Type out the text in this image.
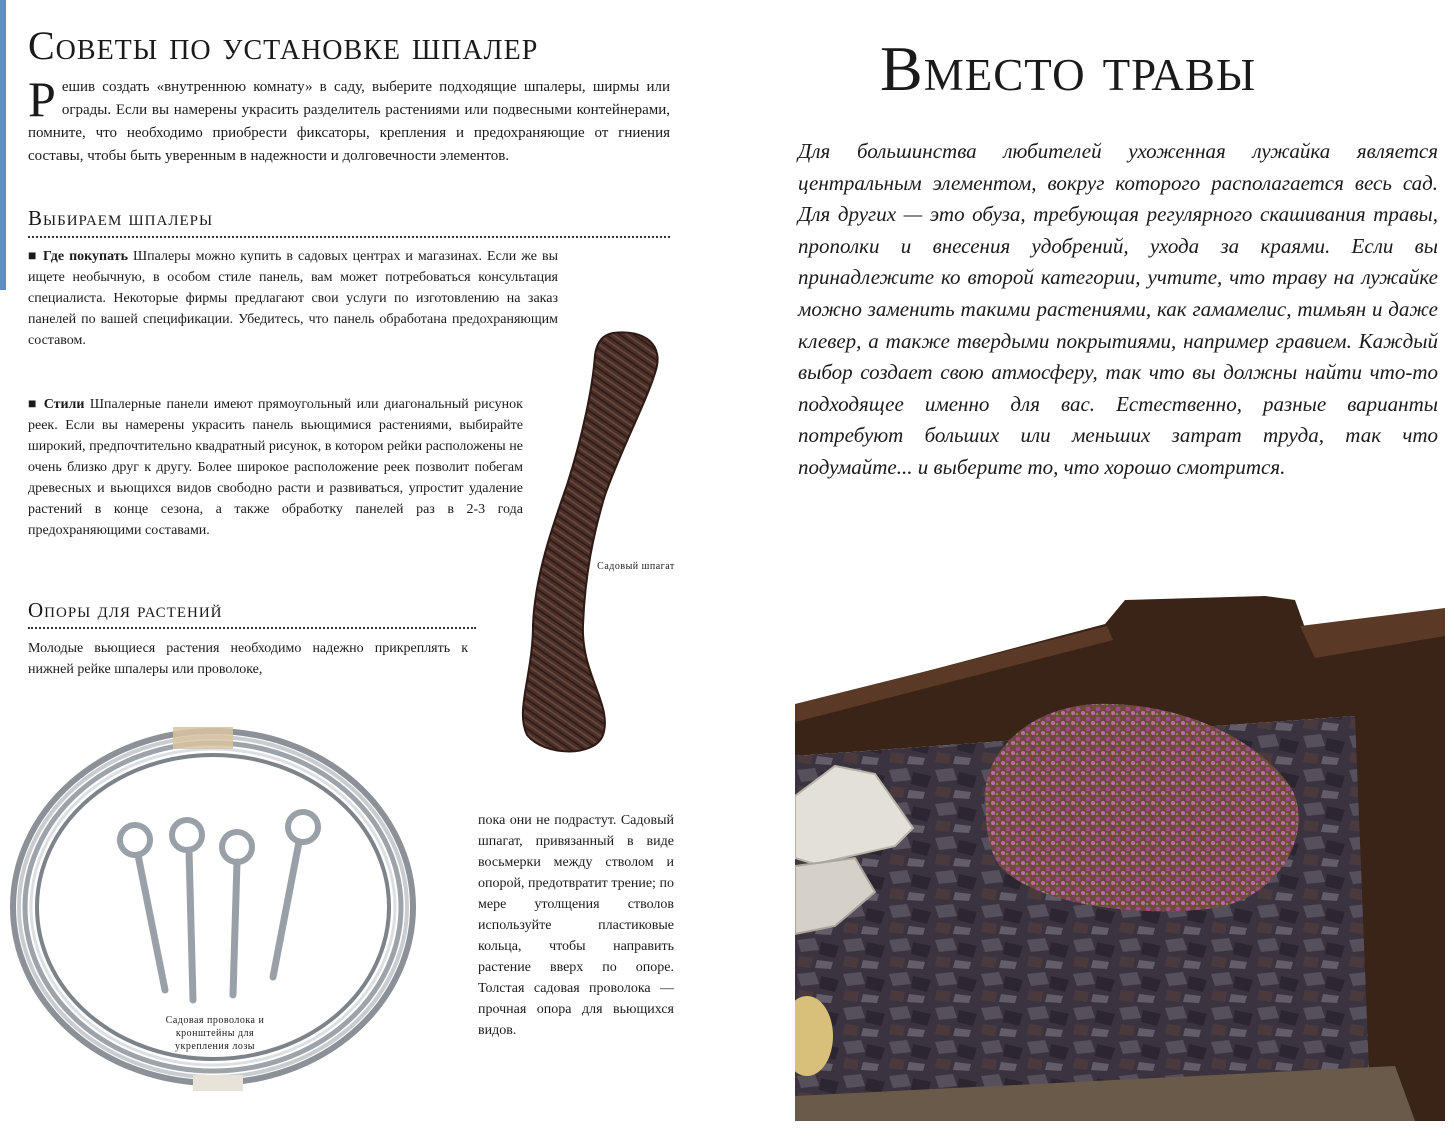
Советы по установке шпалер
Решив создать «внутреннюю комнату» в саду, выберите подходящие шпалеры, ширмы или ограды. Если вы намерены украсить разделитель растениями или подвесными контейнерами, помните, что необходимо приобрести фиксаторы, крепления и предохраняющие от гниения составы, чтобы быть уверенным в надежности и долговечности элементов.
Выбираем шпалеры
■ Где покупать Шпалеры можно купить в садовых центрах и магазинах. Если же вы ищете необычную, в особом стиле панель, вам может потребоваться консультация специалиста. Некоторые фирмы предлагают свои услуги по изготовлению на заказ панелей по вашей спецификации. Убедитесь, что панель обработана предохраняющим составом.
■ Стили Шпалерные панели имеют прямоугольный или диагональный рисунок реек. Если вы намерены украсить панель вьющимися растениями, выбирайте широкий, предпочтительно квадратный рисунок, в котором рейки расположены не очень близко друг к другу. Более широкое расположение реек позволит побегам древесных и вьющихся видов свободно расти и развиваться, упростит удаление растений в конце сезона, а также обработку панелей раз в 2-3 года предохраняющими составами.
Опоры для растений
Молодые вьющиеся растения необходимо надежно прикреплять к нижней рейке шпалеры или проволоке,
пока они не подрастут. Садовый шпагат, привязанный в виде восьмерки между стволом и опорой, предотвратит трение; по мере утолщения стволов используйте пластиковые кольца, чтобы направить растение вверх по опоре. Толстая садовая проволока — прочная опора для вьющихся видов.
Садовый шпагат
Садовая проволока и кронштейны для укрепления лозы
Вместо травы
Для большинства любителей ухоженная лужайка является центральным элементом, вокруг которого располагается весь сад. Для других — это обуза, требующая регулярного скашивания травы, прополки и внесения удобрений, ухода за краями. Если вы принадлежите ко второй категории, учтите, что траву на лужайке можно заменить такими растениями, как гамамелис, тимьян и даже клевер, а также твердыми покрытиями, например гравием. Каждый выбор создает свою атмосферу, так что вы должны найти что-то подходящее именно для вас. Естественно, разные варианты потребуют больших или меньших затрат труда, так что подумайте... и выберите то, что хорошо смотрится.
